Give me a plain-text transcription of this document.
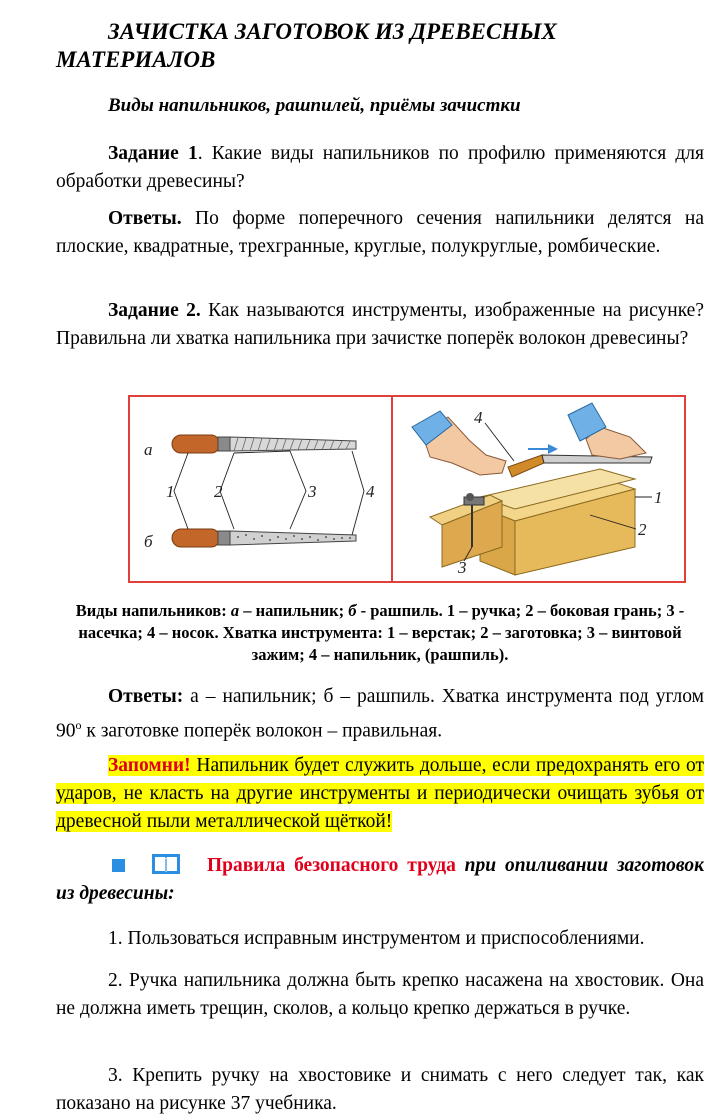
ЗАЧИСТКА ЗАГОТОВОК ИЗ ДРЕВЕСНЫХ МАТЕРИАЛОВ
Виды напильников, рашпилей, приёмы зачистки
Задание 1. Какие виды напильников по профилю применяются для обработки древесины?
Ответы. По форме поперечного сечения напильники делятся на плоские, квадратные, трехгранные, круглые, полукруглые, ромбические.
Задание 2. Как называются инструменты, изображенные на рисунке? Правильна ли хватка напильника при зачистке поперёк волокон древесины?
а
б
1 2	3	4
4
1
2
3
Виды напильников: а – напильник; б - рашпиль. 1 – ручка; 2 – боковая грань; 3 - насечка; 4 – носок. Хватка инструмента: 1 – верстак; 2 – заготовка; 3 – винтовой зажим; 4 – напильник, (рашпиль).
Ответы: а – напильник; б – рашпиль. Хватка инструмента под углом 90$^o$ к заготовке поперёк волокон – правильная.
Запомни! Напильник будет служить дольше, если предохранять его от ударов, не класть на другие инструменты и периодически очищать зубья от древесной пыли металлической щёткой!
Правила безопасного труда при опиливании заготовок из древесины:
1. Пользоваться исправным инструментом и приспособлениями.
2. Ручка напильника должна быть крепко насажена на хвостовик. Она не должна иметь трещин, сколов, а кольцо крепко держаться в ручке.
3. Крепить ручку на хвостовике и снимать с него следует так, как показано на рисунке 37 учебника.
